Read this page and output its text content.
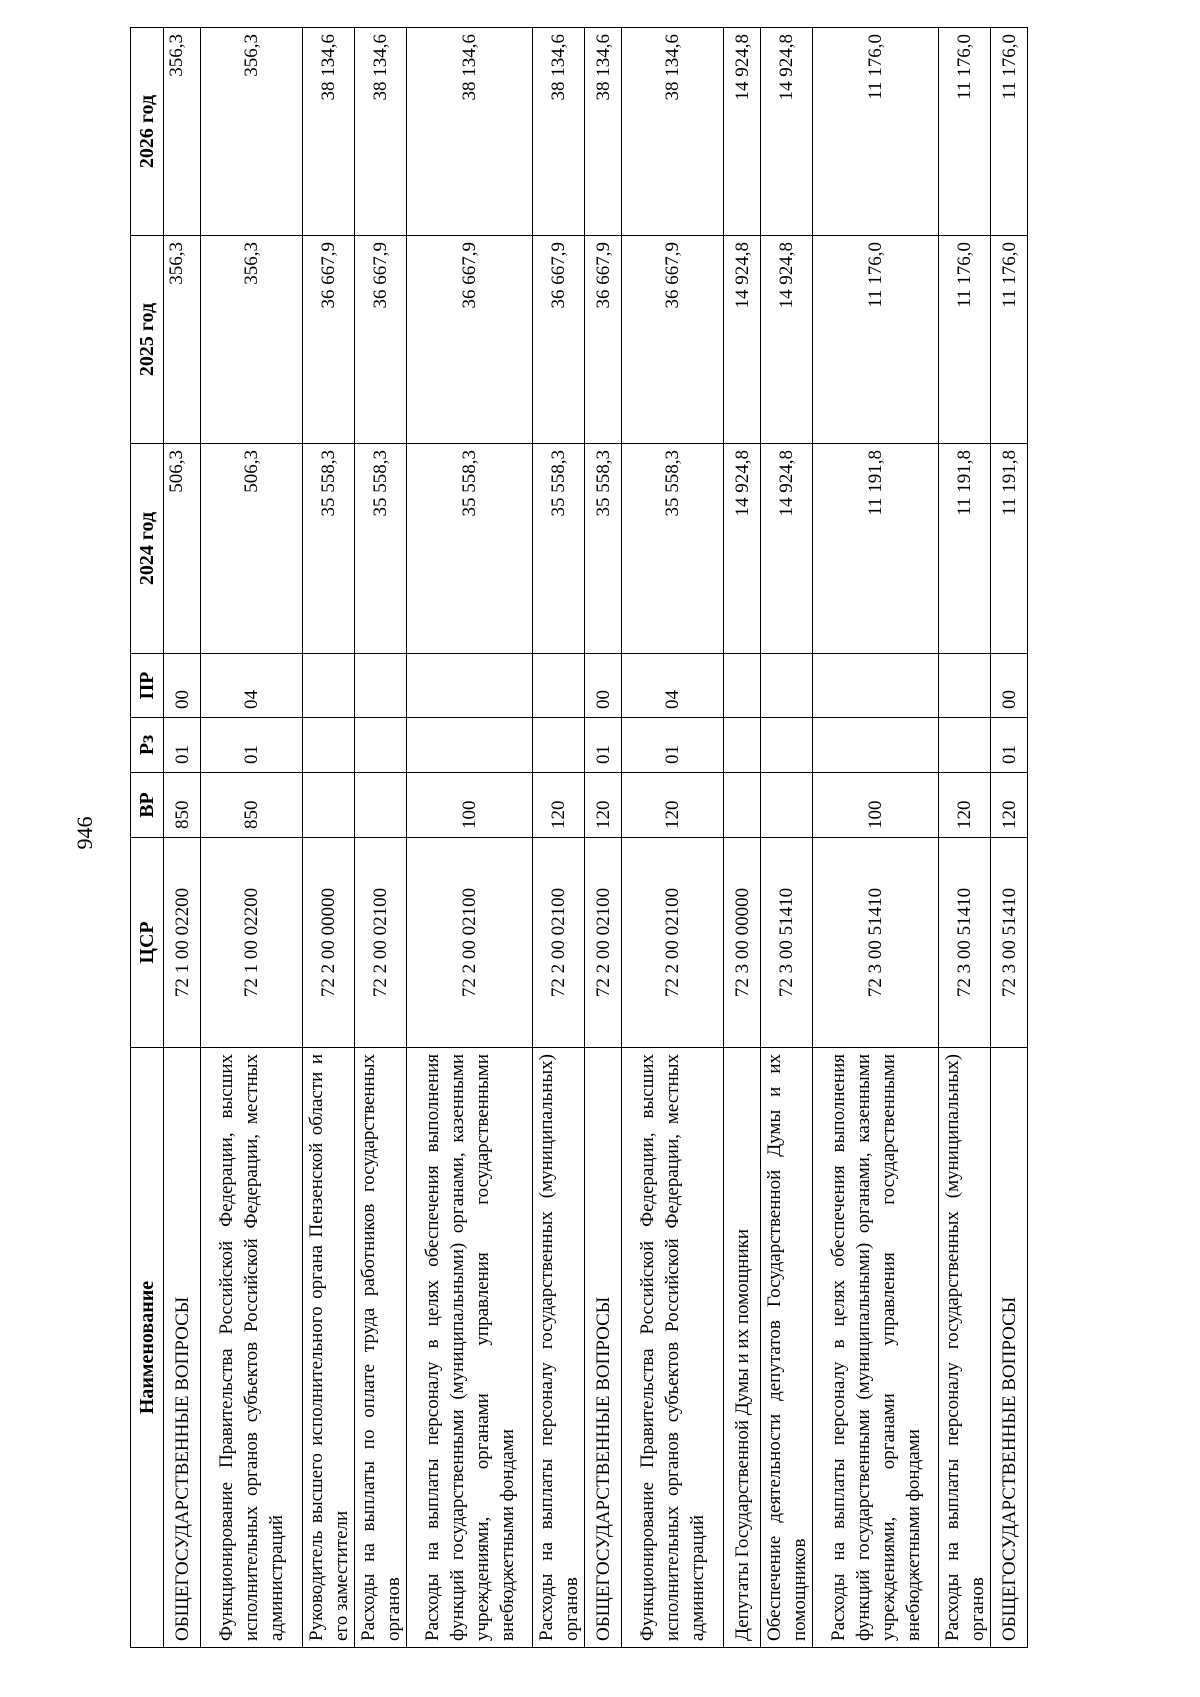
946
Наименование	ЦСР	ВР	Рз	ПР	2024 год	2025 год	2026 год
ОБЩЕГОСУДАРСТВЕННЫЕ ВОПРОСЫ	72 1 00 02200	850	01	00	506,3	356,3	356,3
Функционирование Правительства Российской Федерации, высших исполнительных органов субъектов Российской Федерации, местных администраций	72 1 00 02200	850	01	04	506,3	356,3	356,3
Руководитель высшего исполнительного органа Пензенской области и его заместители	72 2 00 00000				35 558,3	36 667,9	38 134,6
Расходы на выплаты по оплате труда работников государственных органов	72 2 00 02100				35 558,3	36 667,9	38 134,6
Расходы на выплаты персоналу в целях обеспечения выполнения функций государственными (муниципальными) органами, казенными учреждениями, органами управления государственными внебюджетными фондами	72 2 00 02100	100			35 558,3	36 667,9	38 134,6
Расходы на выплаты персоналу государственных (муниципальных) органов	72 2 00 02100	120			35 558,3	36 667,9	38 134,6
ОБЩЕГОСУДАРСТВЕННЫЕ ВОПРОСЫ	72 2 00 02100	120	01	00	35 558,3	36 667,9	38 134,6
Функционирование Правительства Российской Федерации, высших исполнительных органов субъектов Российской Федерации, местных администраций	72 2 00 02100	120	01	04	35 558,3	36 667,9	38 134,6
Депутаты Государственной Думы и их помощники	72 3 00 00000				14 924,8	14 924,8	14 924,8
Обеспечение деятельности депутатов Государственной Думы и их помощников	72 3 00 51410				14 924,8	14 924,8	14 924,8
Расходы на выплаты персоналу в целях обеспечения выполнения функций государственными (муниципальными) органами, казенными учреждениями, органами управления государственными внебюджетными фондами	72 3 00 51410	100			11 191,8	11 176,0	11 176,0
Расходы на выплаты персоналу государственных (муниципальных) органов	72 3 00 51410	120			11 191,8	11 176,0	11 176,0
ОБЩЕГОСУДАРСТВЕННЫЕ ВОПРОСЫ	72 3 00 51410	120	01	00	11 191,8	11 176,0	11 176,0
